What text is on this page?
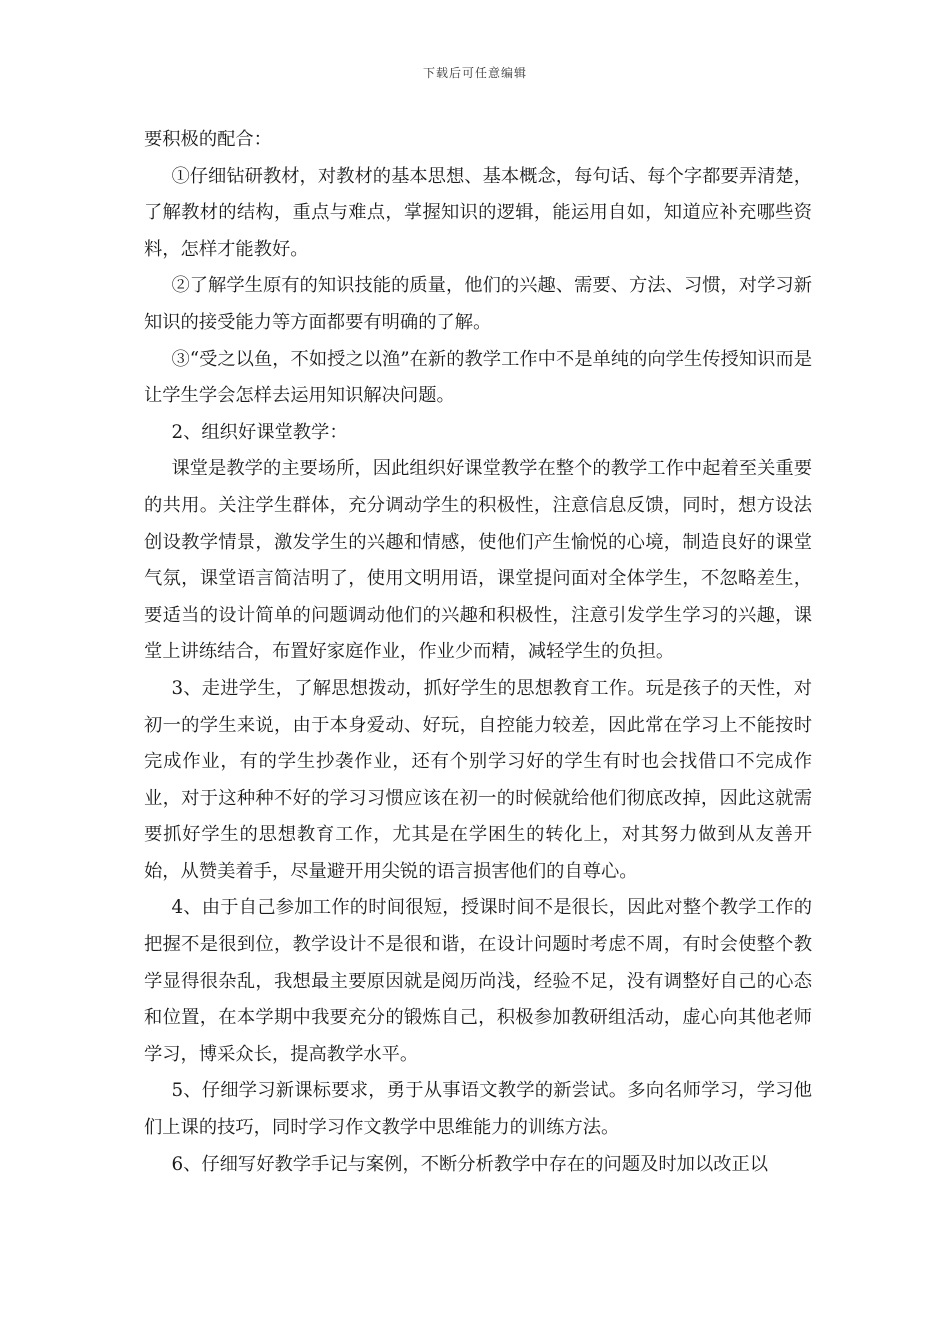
下载后可任意编辑

要积极的配合：

①仔细钻研教材，对教材的基本思想、基本概念，每句话、每个字都要弄清楚，了解教材的结构，重点与难点，掌握知识的逻辑，能运用自如，知道应补充哪些资料，怎样才能教好。

②了解学生原有的知识技能的质量，他们的兴趣、需要、方法、习惯，对学习新知识的接受能力等方面都要有明确的了解。

③“受之以鱼，不如授之以渔”在新的教学工作中不是单纯的向学生传授知识而是让学生学会怎样去运用知识解决问题。

2、组织好课堂教学：

课堂是教学的主要场所，因此组织好课堂教学在整个的教学工作中起着至关重要的共用。关注学生群体，充分调动学生的积极性，注意信息反馈，同时，想方设法创设教学情景，激发学生的兴趣和情感，使他们产生愉悦的心境，制造良好的课堂气氛，课堂语言简洁明了，使用文明用语，课堂提问面对全体学生，不忽略差生，要适当的设计简单的问题调动他们的兴趣和积极性，注意引发学生学习的兴趣，课堂上讲练结合，布置好家庭作业，作业少而精，减轻学生的负担。

3、走进学生，了解思想拨动，抓好学生的思想教育工作。玩是孩子的天性，对初一的学生来说，由于本身爱动、好玩，自控能力较差，因此常在学习上不能按时完成作业，有的学生抄袭作业，还有个别学习好的学生有时也会找借口不完成作业，对于这种种不好的学习习惯应该在初一的时候就给他们彻底改掉，因此这就需要抓好学生的思想教育工作，尤其是在学困生的转化上，对其努力做到从友善开始，从赞美着手，尽量避开用尖锐的语言损害他们的自尊心。

4、由于自己参加工作的时间很短，授课时间不是很长，因此对整个教学工作的把握不是很到位，教学设计不是很和谐，在设计问题时考虑不周，有时会使整个教学显得很杂乱，我想最主要原因就是阅历尚浅，经验不足，没有调整好自己的心态和位置，在本学期中我要充分的锻炼自己，积极参加教研组活动，虚心向其他老师学习，博采众长，提高教学水平。

5、仔细学习新课标要求，勇于从事语文教学的新尝试。多向名师学习，学习他们上课的技巧，同时学习作文教学中思维能力的训练方法。

6、仔细写好教学手记与案例，不断分析教学中存在的问题及时加以改正以
